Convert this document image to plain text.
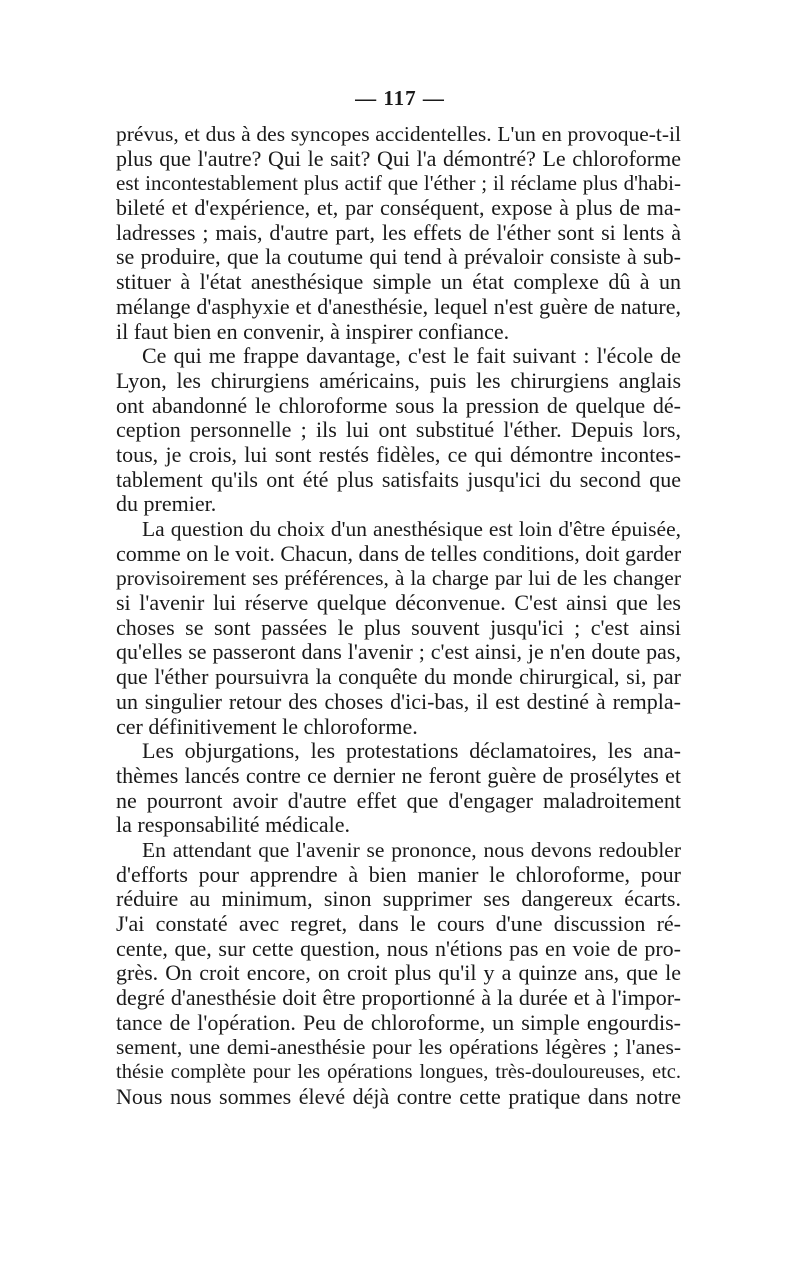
— 117 —
prévus, et dus à des syncopes accidentelles. L'un en provoque-t-il
plus que l'autre? Qui le sait? Qui l'a démontré? Le chloroforme
est incontestablement plus actif que l'éther ; il réclame plus d'habi-
bileté et d'expérience, et, par conséquent, expose à plus de ma-
ladresses ; mais, d'autre part, les effets de l'éther sont si lents à
se produire, que la coutume qui tend à prévaloir consiste à sub-
stituer à l'état anesthésique simple un état complexe dû à un
mélange d'asphyxie et d'anesthésie, lequel n'est guère de nature,
il faut bien en convenir, à inspirer confiance.
Ce qui me frappe davantage, c'est le fait suivant : l'école de
Lyon, les chirurgiens américains, puis les chirurgiens anglais
ont abandonné le chloroforme sous la pression de quelque dé-
ception personnelle ; ils lui ont substitué l'éther. Depuis lors,
tous, je crois, lui sont restés fidèles, ce qui démontre incontes-
tablement qu'ils ont été plus satisfaits jusqu'ici du second que
du premier.
La question du choix d'un anesthésique est loin d'être épuisée,
comme on le voit. Chacun, dans de telles conditions, doit garder
provisoirement ses préférences, à la charge par lui de les changer
si l'avenir lui réserve quelque déconvenue. C'est ainsi que les
choses se sont passées le plus souvent jusqu'ici ; c'est ainsi
qu'elles se passeront dans l'avenir ; c'est ainsi, je n'en doute pas,
que l'éther poursuivra la conquête du monde chirurgical, si, par
un singulier retour des choses d'ici-bas, il est destiné à rempla-
cer définitivement le chloroforme.
Les objurgations, les protestations déclamatoires, les ana-
thèmes lancés contre ce dernier ne feront guère de prosélytes et
ne pourront avoir d'autre effet que d'engager maladroitement
la responsabilité médicale.
En attendant que l'avenir se prononce, nous devons redoubler
d'efforts pour apprendre à bien manier le chloroforme, pour
réduire au minimum, sinon supprimer ses dangereux écarts.
J'ai constaté avec regret, dans le cours d'une discussion ré-
cente, que, sur cette question, nous n'étions pas en voie de pro-
grès. On croit encore, on croit plus qu'il y a quinze ans, que le
degré d'anesthésie doit être proportionné à la durée et à l'impor-
tance de l'opération. Peu de chloroforme, un simple engourdis-
sement, une demi-anesthésie pour les opérations légères ; l'anes-
thésie complète pour les opérations longues, très-douloureuses, etc.
Nous nous sommes élevé déjà contre cette pratique dans notre
